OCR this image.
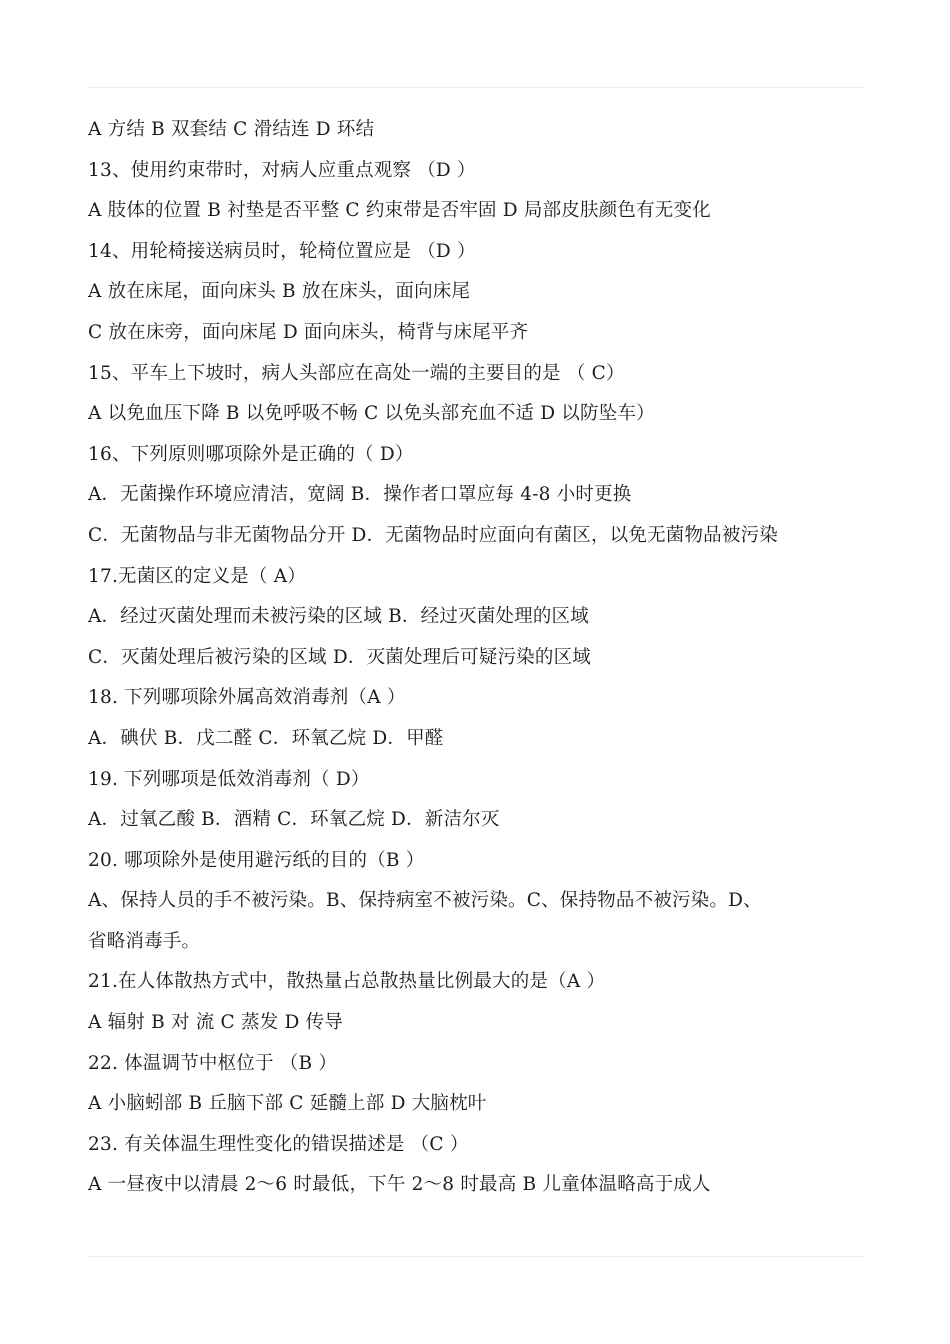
A 方结 B 双套结 C 滑结连 D 环结
13、使用约束带时，对病人应重点观察 （D ）
A 肢体的位置 B 衬垫是否平整 C 约束带是否牢固 D 局部皮肤颜色有无变化
14、用轮椅接送病员时，轮椅位置应是 （D ）
A 放在床尾，面向床头 B 放在床头，面向床尾
C 放在床旁，面向床尾 D 面向床头，椅背与床尾平齐
15、平车上下坡时，病人头部应在高处一端的主要目的是 （ C）
A 以免血压下降 B 以免呼吸不畅 C 以免头部充血不适 D 以防坠车）
16、下列原则哪项除外是正确的（ D）
A．无菌操作环境应清洁，宽阔 B．操作者口罩应每 4-8 小时更换
C．无菌物品与非无菌物品分开 D．无菌物品时应面向有菌区，以免无菌物品被污染
17.无菌区的定义是（ A）
A．经过灭菌处理而未被污染的区域 B．经过灭菌处理的区域
C．灭菌处理后被污染的区域 D．灭菌处理后可疑污染的区域
18. 下列哪项除外属高效消毒剂（A ）
A．碘伏 B．戊二醛 C．环氧乙烷 D．甲醛
19. 下列哪项是低效消毒剂（ D）
A．过氧乙酸 B．酒精 C．环氧乙烷 D．新洁尔灭
20. 哪项除外是使用避污纸的目的（B ）
A、保持人员的手不被污染。B、保持病室不被污染。C、保持物品不被污染。D、
省略消毒手。
21.在人体散热方式中，散热量占总散热量比例最大的是（A ）
A 辐射 B 对 流 C 蒸发 D 传导
22. 体温调节中枢位于 （B ）
A 小脑蚓部 B 丘脑下部 C 延髓上部 D 大脑枕叶
23. 有关体温生理性变化的错误描述是 （C ）
A 一昼夜中以清晨 2～6 时最低，下午 2～8 时最高 B 儿童体温略高于成人
